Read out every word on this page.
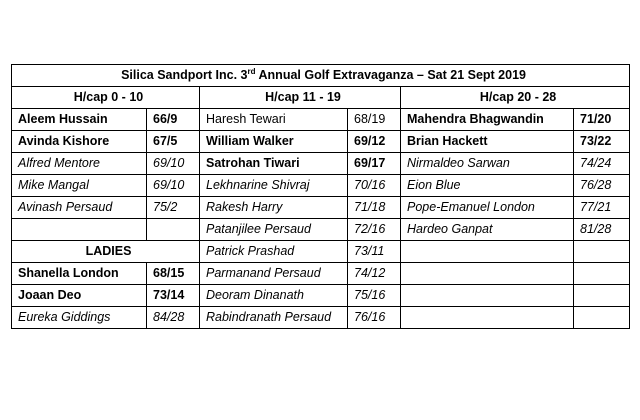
Silica Sandport Inc. 3rd Annual Golf Extravaganza – Sat 21 Sept 2019					
H/cap 0 - 10		H/cap 11 - 19		H/cap 20 - 28	
Aleem Hussain	66/9	Haresh Tewari	68/19	Mahendra Bhagwandin	71/20
Avinda Kishore	67/5	William Walker	69/12	Brian Hackett	73/22
Alfred Mentore	69/10	Satrohan Tiwari	69/17	Nirmaldeo Sarwan	74/24
Mike Mangal	69/10	Lekhnarine Shivraj	70/16	Eion Blue	76/28
Avinash Persaud	75/2	Rakesh Harry	71/18	Pope-Emanuel London	77/21
		Patanjilee Persaud	72/16	Hardeo Ganpat	81/28
LADIES		Patrick Prashad	73/11		
Shanella London	68/15	Parmanand Persaud	74/12		
Joaan Deo	73/14	Deoram Dinanath	75/16		
Eureka Giddings	84/28	Rabindranath Persaud	76/16		
